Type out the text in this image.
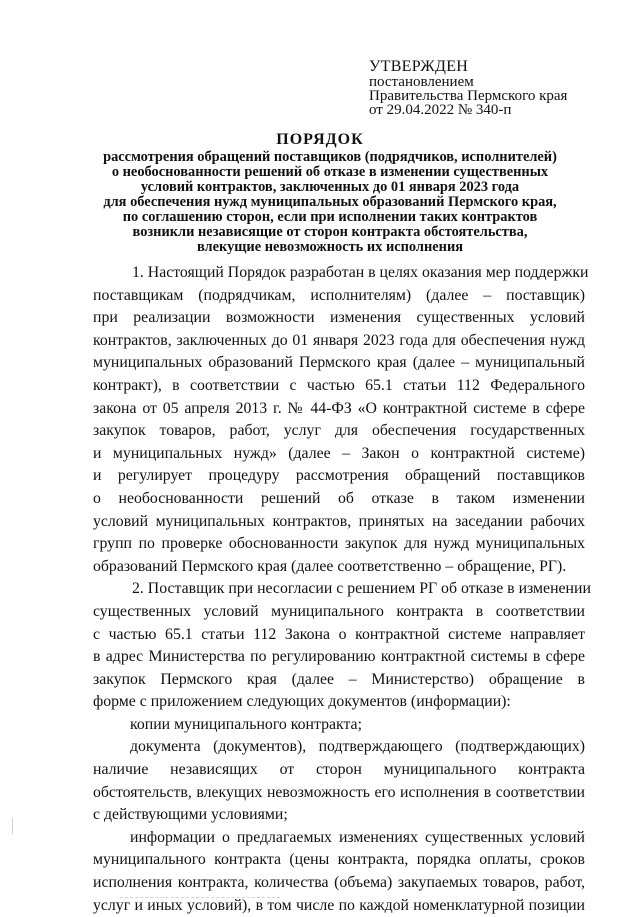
УТВЕРЖДЕН
постановлением
Правительства Пермского края
от 29.04.2022 № 340-п
ПОРЯДОК
рассмотрения обращений поставщиков (подрядчиков, исполнителей)
о необоснованности решений об отказе в изменении существенных
условий контрактов, заключенных до 01 января 2023 года
для обеспечения нужд муниципальных образований Пермского края,
по соглашению сторон, если при исполнении таких контрактов
возникли независящие от сторон контракта обстоятельства,
влекущие невозможность их исполнения
1. Настоящий Порядок разработан в целях оказания мер поддержки
поставщикам (подрядчикам, исполнителям) (далее – поставщик)
при реализации возможности изменения существенных условий
контрактов, заключенных до 01 января 2023 года для обеспечения нужд
муниципальных образований Пермского края (далее – муниципальный
контракт), в соответствии с частью 65.1 статьи 112 Федерального
закона от 05 апреля 2013 г. № 44-ФЗ «О контрактной системе в сфере
закупок товаров, работ, услуг для обеспечения государственных
и муниципальных нужд» (далее – Закон о контрактной системе)
и регулирует процедуру рассмотрения обращений поставщиков
о необоснованности решений об отказе в таком изменении
условий муниципальных контрактов, принятых на заседании рабочих
групп по проверке обоснованности закупок для нужд муниципальных
образований Пермского края (далее соответственно – обращение, РГ).
2. Поставщик при несогласии с решением РГ об отказе в изменении
существенных условий муниципального контракта в соответствии
с частью 65.1 статьи 112 Закона о контрактной системе направляет
в адрес Министерства по регулированию контрактной системы в сфере
закупок Пермского края (далее – Министерство) обращение в
форме с приложением следующих документов (информации):
копии муниципального контракта;
документа (документов), подтверждающего (подтверждающих)
наличие независящих от сторон муниципального контракта
обстоятельств, влекущих невозможность его исполнения в соответствии
с действующими условиями;
информации о предлагаемых изменениях существенных условий
муниципального контракта (цены контракта, порядка оплаты, сроков
исполнения контракта, количества (объема) закупаемых товаров, работ,
услуг и иных условий), в том числе по каждой номенклатурной позиции
